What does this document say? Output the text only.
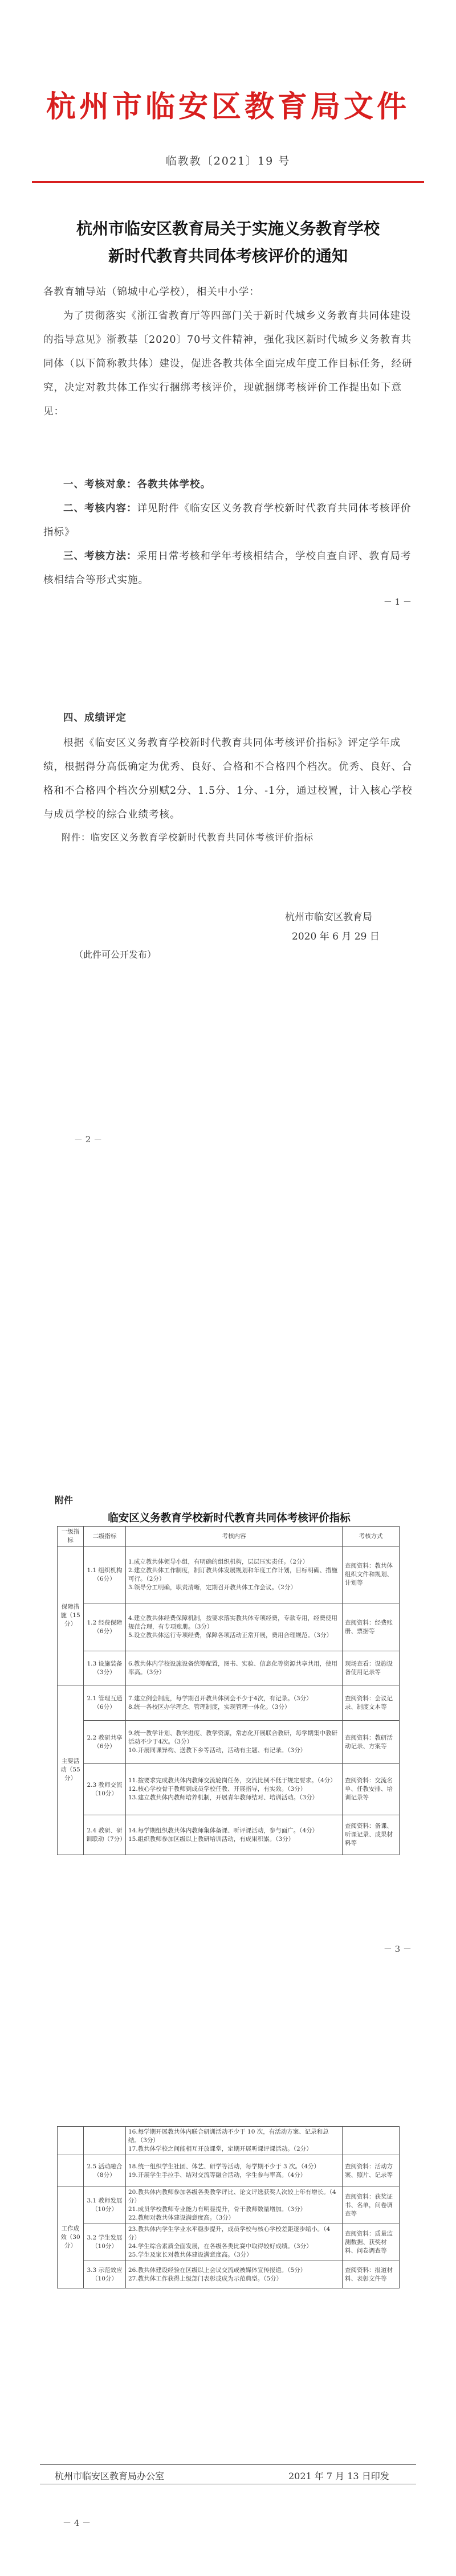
杭州市临安区教育局文件
临教教〔2021〕19 号
杭州市临安区教育局关于实施义务教育学校
新时代教育共同体考核评价的通知
各教育辅导站（锦城中心学校），相关中小学：
为了贯彻落实《浙江省教育厅等四部门关于新时代城乡义务教育共同体建设的指导意见》浙教基〔2020〕70号文件精神，强化我区新时代城乡义务教育共同体（以下简称教共体）建设，促进各教共体全面完成年度工作目标任务，经研究，决定对教共体工作实行捆绑考核评价，现就捆绑考核评价工作提出如下意见：
一、考核对象：各教共体学校。
二、考核内容：详见附件《临安区义务教育学校新时代教育共同体考核评价指标》
三、考核方法：采用日常考核和学年考核相结合，学校自查自评、教育局考核相结合等形式实施。
－ 1 －
四、成绩评定
根据《临安区义务教育学校新时代教育共同体考核评价指标》评定学年成绩，根据得分高低确定为优秀、良好、合格和不合格四个档次。优秀、良好、合格和不合格四个档次分别赋2分、1.5分、1分、-1分，通过校置，计入核心学校与成员学校的综合业绩考核。
附件：临安区义务教育学校新时代教育共同体考核评价指标
杭州市临安区教育局
2020 年 6 月 29 日
（此件可公开发布）
－ 2 －
附件
临安区义务教育学校新时代教育共同体考核评价指标
一级指标	二级指标	考核内容	考核方式
保障措施（15分）	1.1 组织机构（6分）	1.成立教共体领导小组，有明确的组织机构，层层压实责任。（2分）
2.建立教共体工作制度，制订教共体发展规划和年度工作计划，目标明确、措施可行。（2分）
3.领导分工明确，职责清晰，定期召开教共体工作会议。（2分）	查阅资料：教共体组织文件和规划、计划等
	1.2 经费保障（6分）	4.建立教共体经费保障机制，按要求落实教共体专项经费，专款专用，经费使用规范合理，有专项账册。（3分）
5.设立教共体运行专项经费，保障各项活动正常开展，费用合理规范。（3分）	查阅资料：经费账册、票据等
	1.3 设施装备（3分）	6.教共体内学校设施设备统筹配置，图书、实验、信息化等资源共享共用，使用率高。（3分）	现场查看：设施设备使用记录等
主要活动（55分）	2.1 管理互通（6分）	7.建立例会制度，每学期召开教共体例会不少于4次，有记录。（3分）
8.统一各校区办学理念、管理制度，实现管理一体化。（3分）	查阅资料：会议记录、制度文本等
	2.2 教研共享（6分）	9.统一教学计划、教学进度、教学资源，常态化开展联合教研，每学期集中教研活动不少于4次。（3分）
10.开展同课异构、送教下乡等活动，活动有主题、有记录。（3分）	查阅资料：教研活动记录、方案等
	2.3 教师交流（10分）	11.按要求完成教共体内教师交流轮岗任务，交流比例不低于规定要求。（4分）
12.核心学校骨干教师到成员学校任教、开展指导，有实效。（3分）
13.建立教共体内教师培养机制，开展青年教师结对、培训活动。（3分）	查阅资料：交流名单、任教安排、培训记录等
	2.4 教研、研训联动（7分）	14.每学期组织教共体内教师集体备课、听评课活动，参与面广。（4分）
15.组织教师参加区级以上教研培训活动，有成果积累。（3分）	查阅资料：备课、听课记录、成果材料等
－ 3 －
		16.每学期开展教共体内联合研训活动不少于 10 次，有活动方案、记录和总结。（3分）
17.教共体学校之间能相互开放课堂，定期开展听课评课活动。（2分）	
	2.5 活动融合（8分）	18.统一组织学生社团、体艺、研学等活动，每学期不少于 3 次。（4分）
19.开展学生手拉手、结对交流等融合活动，学生参与率高。（4分）	查阅资料：活动方案、照片、记录等
工作成效（30分）	3.1 教师发展（10分）	20.教共体内教师参加各级各类教学评比、论文评选获奖人次较上年有增长。（4分）
21.成员学校教师专业能力有明显提升，骨干教师数量增加。（3分）
22.教师对教共体建设满意度高。（3分）	查阅资料：获奖证书、名单，问卷调查等
	3.2 学生发展（10分）	23.教共体内学生学业水平稳步提升，成员学校与核心学校差距逐步缩小。（4分）
24.学生综合素质全面发展，在各级各类比赛中取得较好成绩。（3分）
25.学生及家长对教共体建设满意度高。（3分）	查阅资料：质量监测数据、获奖材料、问卷调查等
	3.3 示范效应（10分）	26.教共体建设经验在区级以上会议交流或被媒体宣传报道。（5分）
27.教共体工作获得上级部门表彰或成为示范典型。（5分）	查阅资料：报道材料、表彰文件等
杭州市临安区教育局办公室	2021 年 7 月 13 日印发
－ 4 －
